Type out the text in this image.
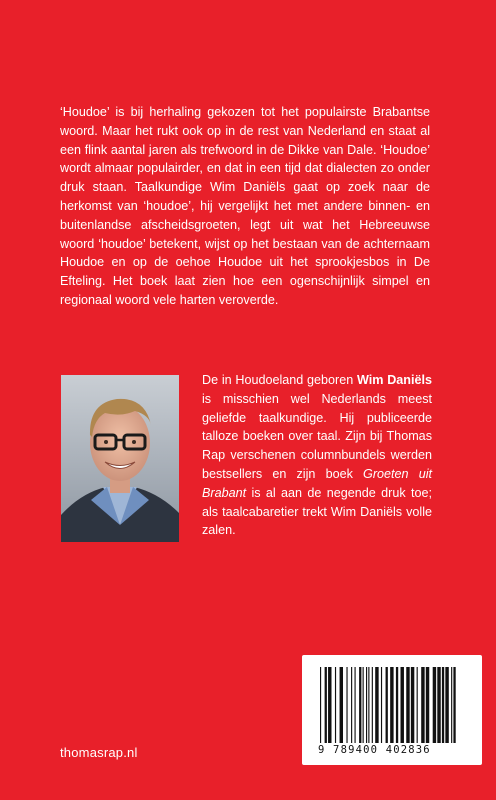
‘Houdoe’ is bij herhaling gekozen tot het populairste Brabantse woord. Maar het rukt ook op in de rest van Nederland en staat al een flink aantal jaren als trefwoord in de Dikke van Dale. ‘Houdoe’ wordt almaar populairder, en dat in een tijd dat dialecten zo onder druk staan. Taalkundige Wim Daniëls gaat op zoek naar de herkomst van ‘houdoe’, hij vergelijkt het met andere binnen- en buitenlandse afscheidsgroeten, legt uit wat het Hebreeuwse woord ‘houdoe’ betekent, wijst op het bestaan van de achternaam Houdoe en op de oehoe Houdoe uit het sprookjesbos in De Efteling. Het boek laat zien hoe een ogenschijnlijk simpel en regionaal woord vele harten veroverde.

De in Houdoeland geboren Wim Daniëls is misschien wel Nederlands meest geliefde taalkundige. Hij publiceerde talloze boeken over taal. Zijn bij Thomas Rap verschenen columnbundels werden bestsellers en zijn boek Groeten uit Brabant is al aan de negende druk toe; als taalcabaretier trekt Wim Daniëls volle zalen.

thomasrap.nl	9 789400 402836
